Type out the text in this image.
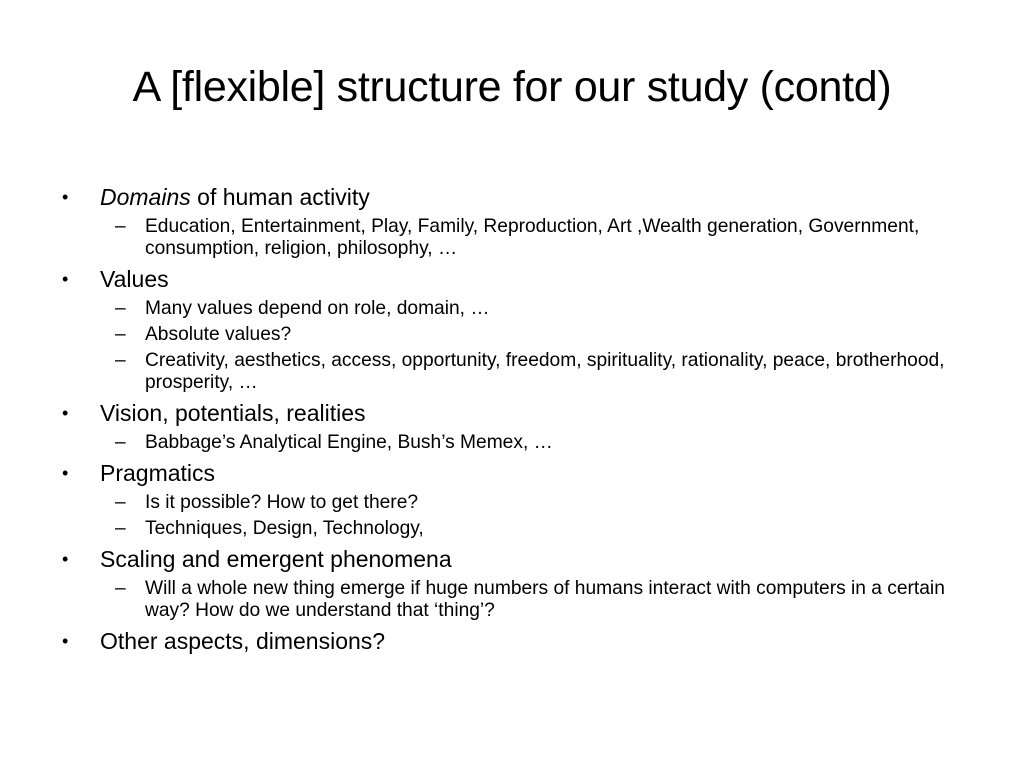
A [flexible] structure for our study (contd)
• Domains of human activity
– Education, Entertainment, Play, Family, Reproduction, Art ,Wealth generation, Government, consumption, religion, philosophy, …
• Values
– Many values depend on role, domain, …
– Absolute values?
– Creativity, aesthetics, access, opportunity, freedom, spirituality, rationality, peace, brotherhood, prosperity, …
• Vision, potentials, realities
– Babbage’s Analytical Engine, Bush’s Memex, …
• Pragmatics
– Is it possible? How to get there?
– Techniques, Design, Technology,
• Scaling and emergent phenomena
– Will a whole new thing emerge if huge numbers of humans interact with computers in a certain way? How do we understand that ‘thing’?
• Other aspects, dimensions?
